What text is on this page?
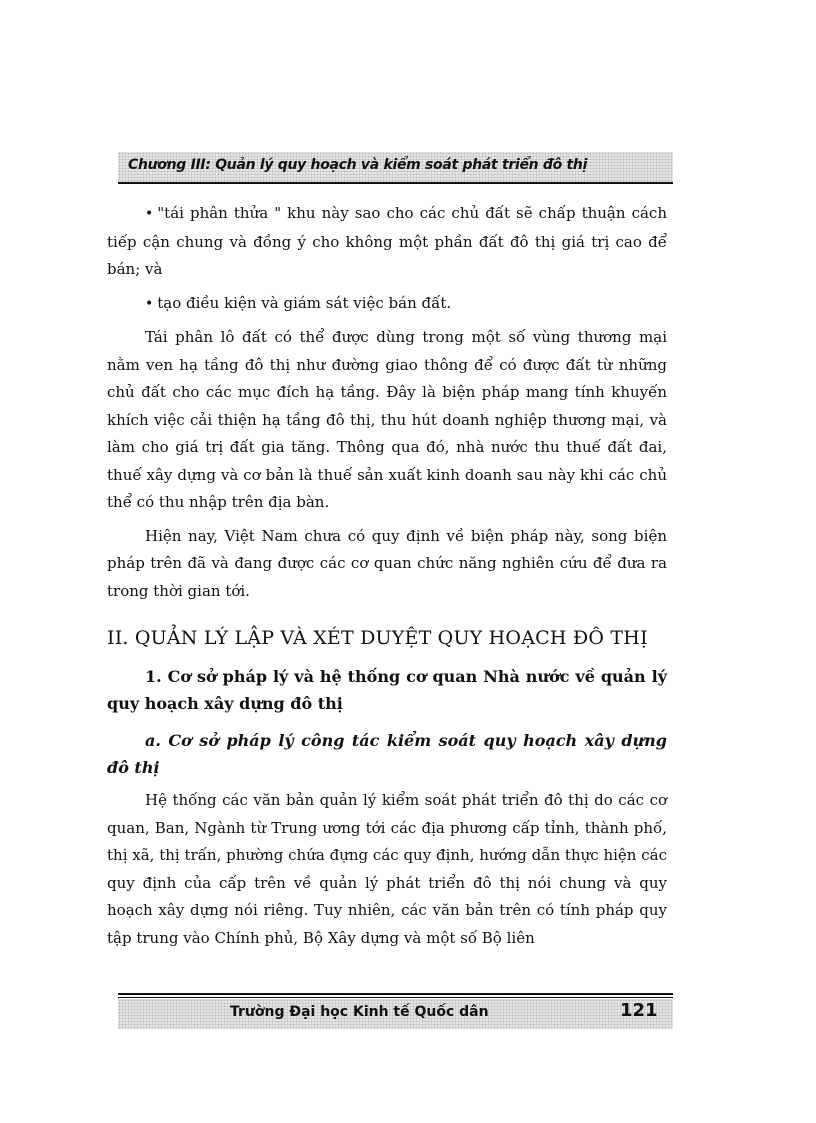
Chương III: Quản lý quy hoạch và kiểm soát phát triển đô thị

• "tái phân thửa " khu này sao cho các chủ đất sẽ chấp thuận cách tiếp cận chung và đồng ý cho không một phần đất đô thị giá trị cao để bán; và

• tạo điều kiện và giám sát việc bán đất.

Tái phân lô đất có thể được dùng trong một số vùng thương mại nằm ven hạ tầng đô thị như đường giao thông để có được đất từ những chủ đất cho các mục đích hạ tầng. Đây là biện pháp mang tính khuyến khích việc cải thiện hạ tầng đô thị, thu hút doanh nghiệp thương mại, và làm cho giá trị đất gia tăng. Thông qua đó, nhà nước thu thuế đất đai, thuế xây dựng và cơ bản là thuế sản xuất kinh doanh sau này khi các chủ thể có thu nhập trên địa bàn.

Hiện nay, Việt Nam chưa có quy định về biện pháp này, song biện pháp trên đã và đang được các cơ quan chức năng nghiên cứu để đưa ra trong thời gian tới.

II. QUẢN LÝ LẬP VÀ XÉT DUYỆT QUY HOẠCH ĐÔ THỊ

1. Cơ sở pháp lý và hệ thống cơ quan Nhà nước về quản lý quy hoạch xây dựng đô thị

a. Cơ sở pháp lý công tác kiểm soát quy hoạch xây dựng đô thị

Hệ thống các văn bản quản lý kiểm soát phát triển đô thị do các cơ quan, Ban, Ngành từ Trung ương tới các địa phương cấp tỉnh, thành phố, thị xã, thị trấn, phường chứa đựng các quy định, hướng dẫn thực hiện các quy định của cấp trên về quản lý phát triển đô thị nói chung và quy hoạch xây dựng nói riêng. Tuy nhiên, các văn bản trên có tính pháp quy tập trung vào Chính phủ, Bộ Xây dựng và một số Bộ liên

Trường Đại học Kinh tế Quốc dân	121
